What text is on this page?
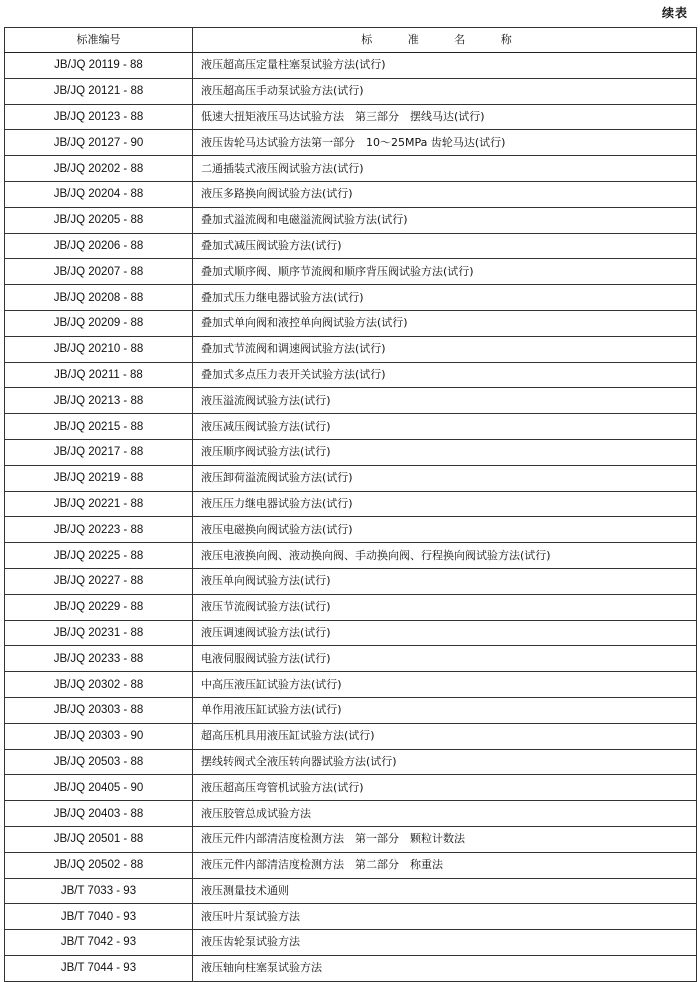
续表
标准编号	标 准 名 称
JB/JQ 20119 - 88	液压超高压定量柱塞泵试验方法(试行)
JB/JQ 20121 - 88	液压超高压手动泵试验方法(试行)
JB/JQ 20123 - 88	低速大扭矩液压马达试验方法　第三部分　摆线马达(试行)
JB/JQ 20127 - 90	液压齿轮马达试验方法第一部分　10～25MPa 齿轮马达(试行)
JB/JQ 20202 - 88	二通插装式液压阀试验方法(试行)
JB/JQ 20204 - 88	液压多路换向阀试验方法(试行)
JB/JQ 20205 - 88	叠加式溢流阀和电磁溢流阀试验方法(试行)
JB/JQ 20206 - 88	叠加式减压阀试验方法(试行)
JB/JQ 20207 - 88	叠加式顺序阀、顺序节流阀和顺序背压阀试验方法(试行)
JB/JQ 20208 - 88	叠加式压力继电器试验方法(试行)
JB/JQ 20209 - 88	叠加式单向阀和液控单向阀试验方法(试行)
JB/JQ 20210 - 88	叠加式节流阀和调速阀试验方法(试行)
JB/JQ 20211 - 88	叠加式多点压力表开关试验方法(试行)
JB/JQ 20213 - 88	液压溢流阀试验方法(试行)
JB/JQ 20215 - 88	液压减压阀试验方法(试行)
JB/JQ 20217 - 88	液压顺序阀试验方法(试行)
JB/JQ 20219 - 88	液压卸荷溢流阀试验方法(试行)
JB/JQ 20221 - 88	液压压力继电器试验方法(试行)
JB/JQ 20223 - 88	液压电磁换向阀试验方法(试行)
JB/JQ 20225 - 88	液压电液换向阀、液动换向阀、手动换向阀、行程换向阀试验方法(试行)
JB/JQ 20227 - 88	液压单向阀试验方法(试行)
JB/JQ 20229 - 88	液压节流阀试验方法(试行)
JB/JQ 20231 - 88	液压调速阀试验方法(试行)
JB/JQ 20233 - 88	电液伺服阀试验方法(试行)
JB/JQ 20302 - 88	中高压液压缸试验方法(试行)
JB/JQ 20303 - 88	单作用液压缸试验方法(试行)
JB/JQ 20303 - 90	超高压机具用液压缸试验方法(试行)
JB/JQ 20503 - 88	摆线转阀式全液压转向器试验方法(试行)
JB/JQ 20405 - 90	液压超高压弯管机试验方法(试行)
JB/JQ 20403 - 88	液压胶管总成试验方法
JB/JQ 20501 - 88	液压元件内部清洁度检测方法　第一部分　颗粒计数法
JB/JQ 20502 - 88	液压元件内部清洁度检测方法　第二部分　称重法
JB/T 7033 - 93	液压测量技术通则
JB/T 7040 - 93	液压叶片泵试验方法
JB/T 7042 - 93	液压齿轮泵试验方法
JB/T 7044 - 93	液压轴向柱塞泵试验方法
